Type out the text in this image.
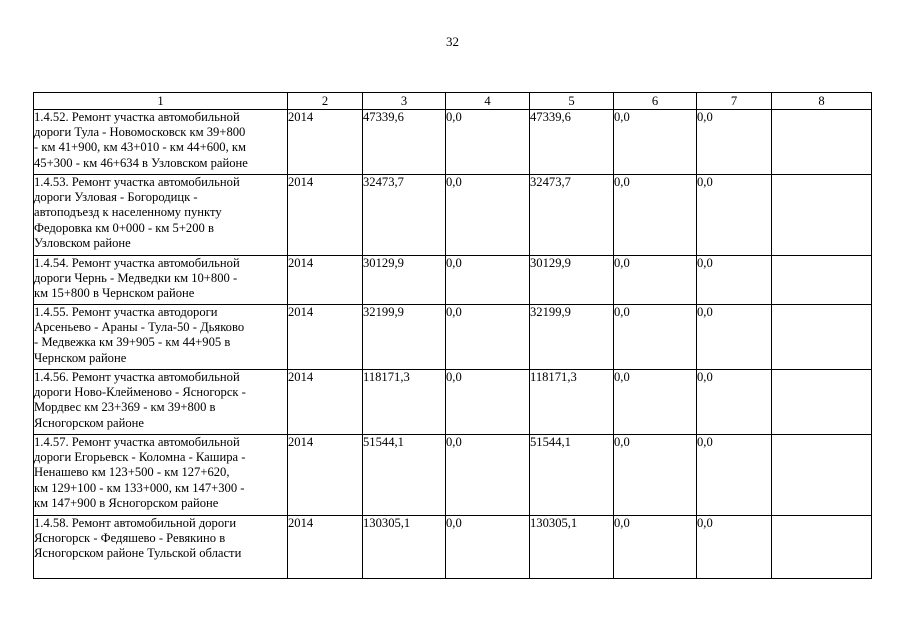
32
1	2	3	4	5	6	7	8

1.4.52. Ремонт участка автомобильной
дороги Тула - Новомосковск км 39+800
- км 41+900, км 43+010 - км 44+600, км
45+300 - км 46+634 в Узловском районе	2014	47339,6	0,0	47339,6	0,0	0,0	

1.4.53. Ремонт участка автомобильной
дороги Узловая - Богородицк -
автоподъезд к населенному пункту
Федоровка км 0+000 - км 5+200 в
Узловском районе	2014	32473,7	0,0	32473,7	0,0	0,0	

1.4.54. Ремонт участка автомобильной
дороги Чернь - Медведки км 10+800 -
км 15+800 в Чернском районе	2014	30129,9	0,0	30129,9	0,0	0,0	

1.4.55. Ремонт участка автодороги
Арсеньево - Араны - Тула-50 - Дьяково
- Медвежка км 39+905 - км 44+905 в
Чернском районе	2014	32199,9	0,0	32199,9	0,0	0,0	

1.4.56. Ремонт участка автомобильной
дороги Ново-Клейменово - Ясногорск -
Мордвес км 23+369 - км 39+800 в
Ясногорском районе	2014	118171,3	0,0	118171,3	0,0	0,0	

1.4.57. Ремонт участка автомобильной
дороги Егорьевск - Коломна - Кашира -
Ненашево км 123+500 - км 127+620,
км 129+100 - км 133+000, км 147+300 -
км 147+900 в Ясногорском районе	2014	51544,1	0,0	51544,1	0,0	0,0	

1.4.58. Ремонт автомобильной дороги
Ясногорск - Федяшево - Ревякино в
Ясногорском районе Тульской области	2014	130305,1	0,0	130305,1	0,0	0,0	
